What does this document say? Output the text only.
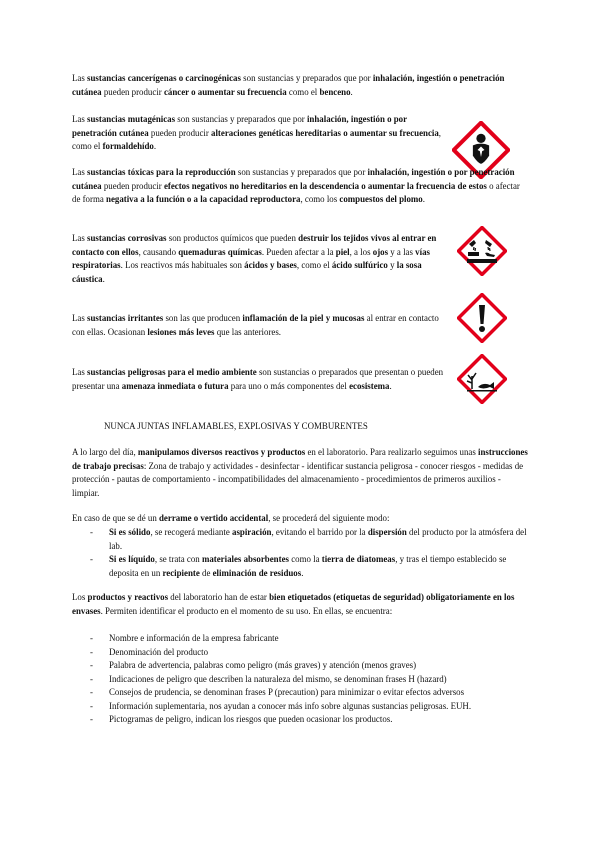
Las sustancias cancerígenas o carcinogénicas son sustancias y preparados que por inhalación, ingestión o penetración cutánea pueden producir cáncer o aumentar su frecuencia como el benceno.

Las sustancias mutagénicas son sustancias y preparados que por inhalación, ingestión o por penetración cutánea pueden producir alteraciones genéticas hereditarias o aumentar su frecuencia, como el formaldehído.

Las sustancias tóxicas para la reproducción son sustancias y preparados que por inhalación, ingestión o por penetración cutánea pueden producir efectos negativos no hereditarios en la descendencia o aumentar la frecuencia de estos o afectar de forma negativa a la función o a la capacidad reproductora, como los compuestos del plomo.

Las sustancias corrosivas son productos químicos que pueden destruir los tejidos vivos al entrar en contacto con ellos, causando quemaduras químicas. Pueden afectar a la piel, a los ojos y a las vías respiratorias. Los reactivos más habituales son ácidos y bases, como el ácido sulfúrico y la sosa cáustica.

Las sustancias irritantes son las que producen inflamación de la piel y mucosas al entrar en contacto con ellas. Ocasionan lesiones más leves que las anteriores.

Las sustancias peligrosas para el medio ambiente son sustancias o preparados que presentan o pueden presentar una amenaza inmediata o futura para uno o más componentes del ecosistema.

NUNCA JUNTAS INFLAMABLES, EXPLOSIVAS Y COMBURENTES

A lo largo del día, manipulamos diversos reactivos y productos en el laboratorio. Para realizarlo seguimos unas instrucciones de trabajo precisas: Zona de trabajo y actividades - desinfectar - identificar sustancia peligrosa - conocer riesgos - medidas de protección - pautas de comportamiento - incompatibilidades del almacenamiento - procedimientos de primeros auxilios - limpiar.

En caso de que se dé un derrame o vertido accidental, se procederá del siguiente modo:

- Si es sólido, se recogerá mediante aspiración, evitando el barrido por la dispersión del producto por la atmósfera del lab.
- Si es líquido, se trata con materiales absorbentes como la tierra de diatomeas, y tras el tiempo establecido se deposita en un recipiente de eliminación de residuos.

Los productos y reactivos del laboratorio han de estar bien etiquetados (etiquetas de seguridad) obligatoriamente en los envases. Permiten identificar el producto en el momento de su uso. En ellas, se encuentra:

- Nombre e información de la empresa fabricante
- Denominación del producto
- Palabra de advertencia, palabras como peligro (más graves) y atención (menos graves)
- Indicaciones de peligro que describen la naturaleza del mismo, se denominan frases H (hazard)
- Consejos de prudencia, se denominan frases P (precaution) para minimizar o evitar efectos adversos
- Información suplementaria, nos ayudan a conocer más info sobre algunas sustancias peligrosas. EUH.
- Pictogramas de peligro, indican los riesgos que pueden ocasionar los productos.
